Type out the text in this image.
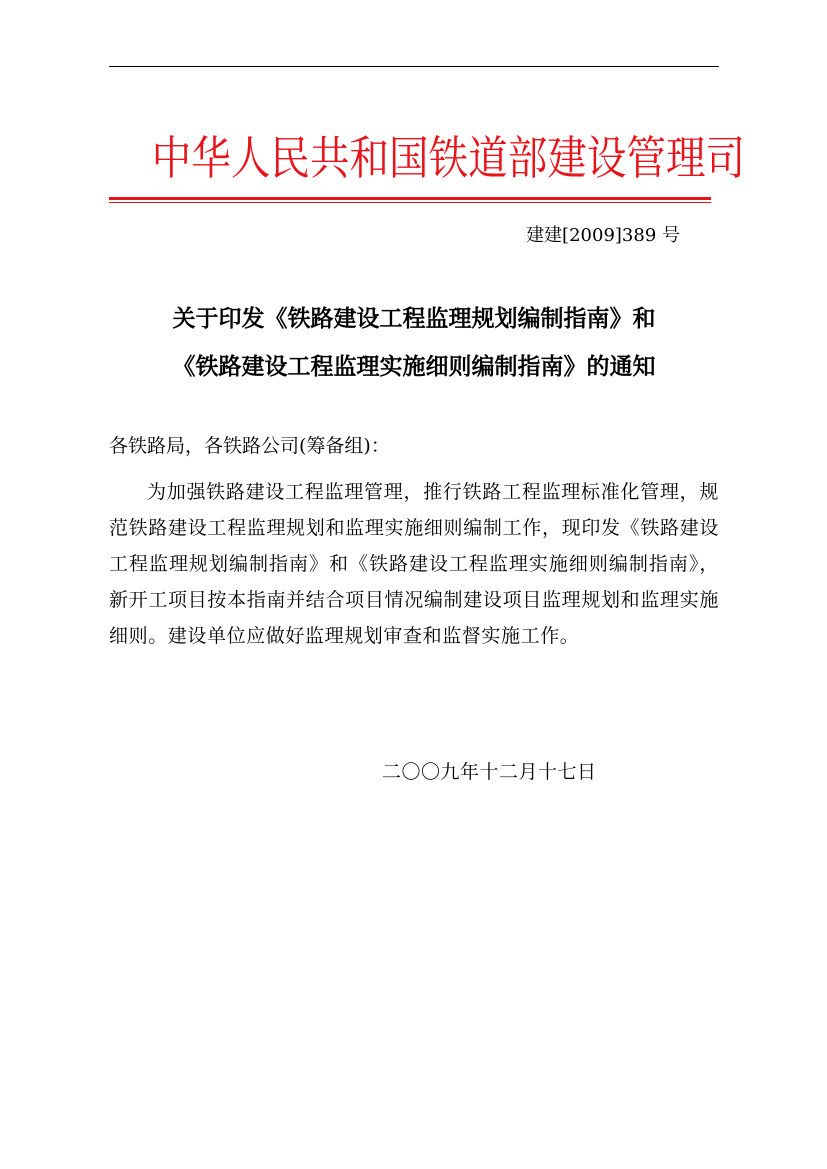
中华人民共和国铁道部建设管理司
建建[2009]389 号
关于印发《铁路建设工程监理规划编制指南》和
《铁路建设工程监理实施细则编制指南》的通知
各铁路局，各铁路公司(筹备组)：

为加强铁路建设工程监理管理，推行铁路工程监理标准化管理，规范铁路建设工程监理规划和监理实施细则编制工作，现印发《铁路建设工程监理规划编制指南》和《铁路建设工程监理实施细则编制指南》，新开工项目按本指南并结合项目情况编制建设项目监理规划和监理实施细则。建设单位应做好监理规划审查和监督实施工作。

二〇〇九年十二月十七日
